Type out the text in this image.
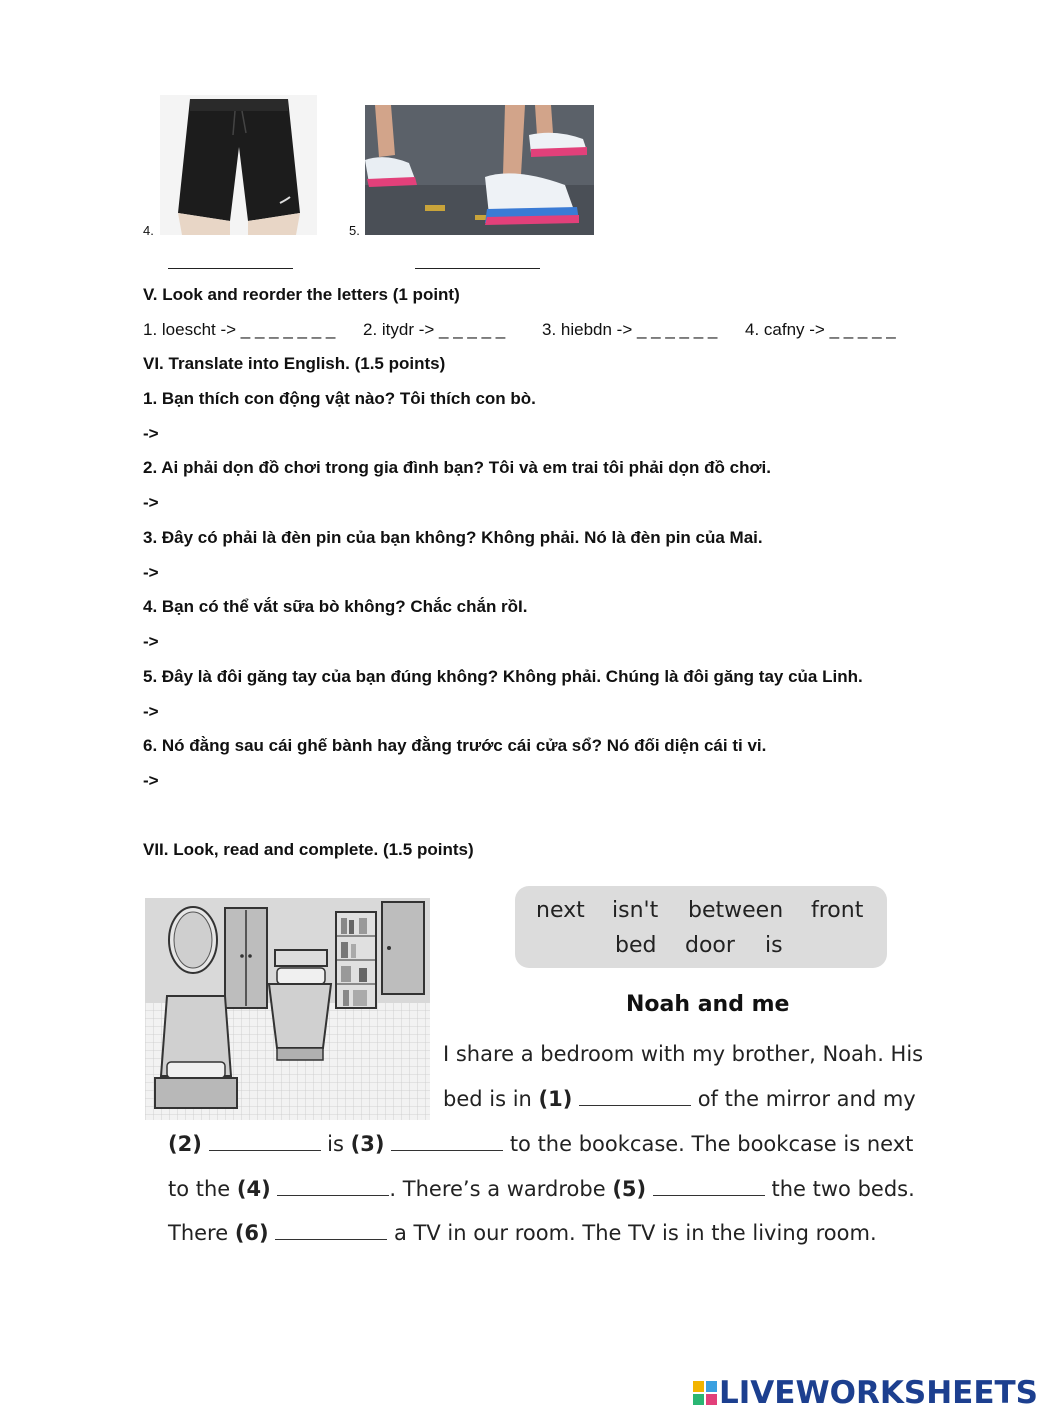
4.	5.
V. Look and reorder the letters (1 point)
1. loescht -> _ _ _ _ _ _ _ 2. itydr -> _ _ _ _ _ 3. hiebdn -> _ _ _ _ _ _ 4. cafny -> _ _ _ _ _
VI. Translate into English. (1.5 points)
1. Bạn thích con động vật nào? Tôi thích con bò.
->
2. Ai phải dọn đồ chơi trong gia đình bạn? Tôi và em trai tôi phải dọn đồ chơi.
->
3. Đây có phải là đèn pin của bạn không? Không phải. Nó là đèn pin của Mai.
->
4. Bạn có thể vắt sữa bò không? Chắc chắn rồI.
->
5. Đây là đôi găng tay của bạn đúng không? Không phải. Chúng là đôi găng tay của Linh.
->
6. Nó đằng sau cái ghế bành hay đằng trước cái cửa sổ? Nó đối diện cái ti vi.
->
VII. Look, read and complete. (1.5 points)
next isn't between front
bed door is
Noah and me
I share a bedroom with my brother, Noah. His
bed is in (1)	of the mirror and my
(2)	is (3)	to the bookcase. The bookcase is next
to the (4)	. There’s a wardrobe (5)	the two beds.
There (6)	a TV in our room. The TV is in the living room.
LIVEWORKSHEETS
